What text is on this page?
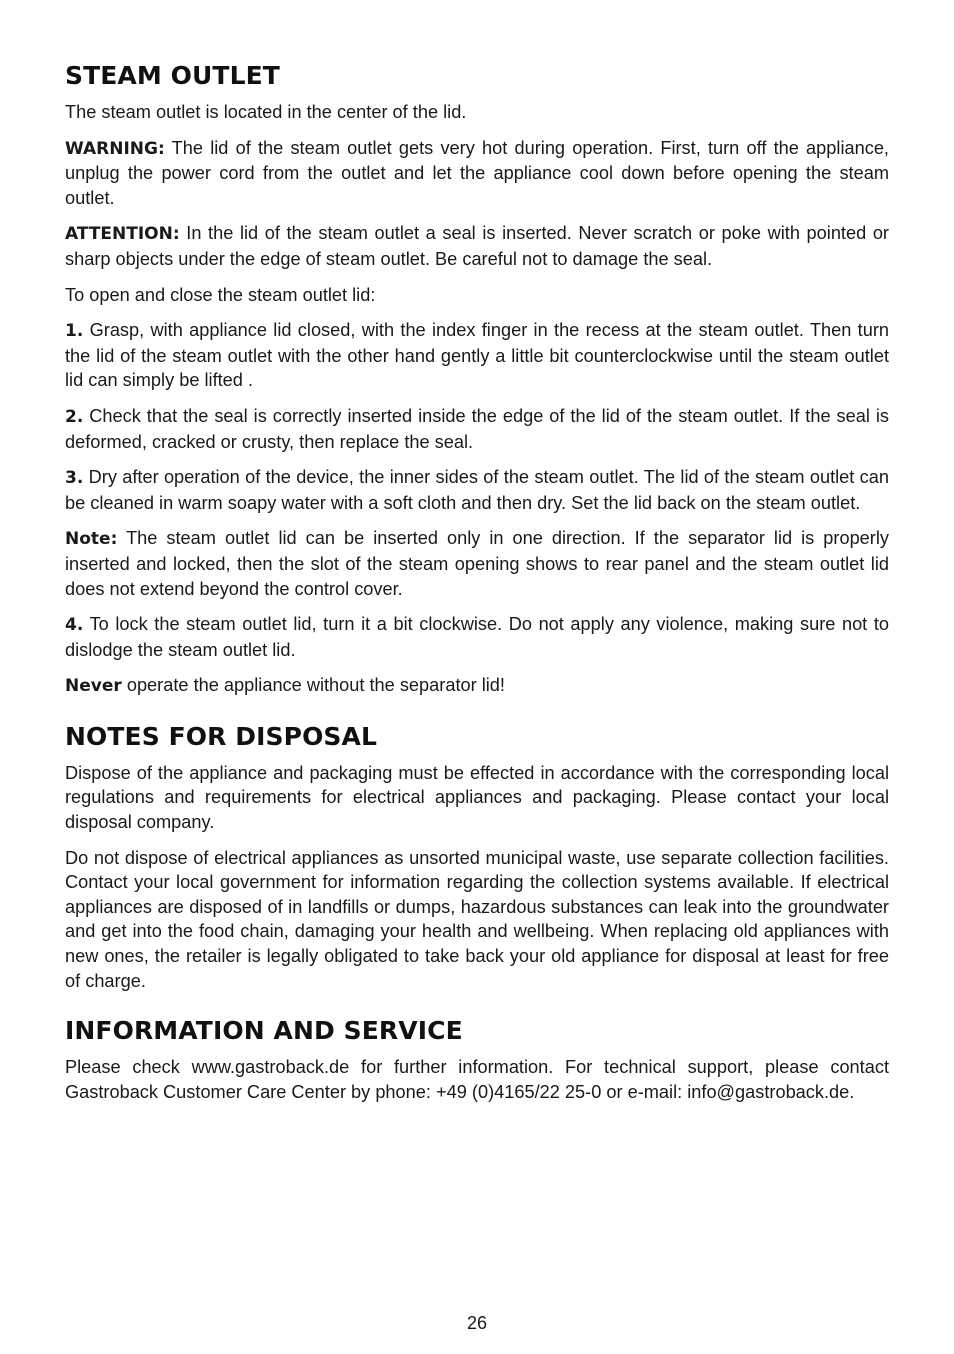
STEAM OUTLET

The steam outlet is located in the center of the lid.

WARNING: The lid of the steam outlet gets very hot during operation. First, turn off the appliance, unplug the power cord from the outlet and let the appliance cool down before opening the steam outlet.

ATTENTION: In the lid of the steam outlet a seal is inserted. Never scratch or poke with pointed or sharp objects under the edge of steam outlet. Be careful not to damage the seal.

To open and close the steam outlet lid:

1. Grasp, with appliance lid closed, with the index finger in the recess at the steam outlet. Then turn the lid of the steam outlet with the other hand gently a little bit counterclockwise until the steam outlet lid can simply be lifted .

2. Check that the seal is correctly inserted inside the edge of the lid of the steam outlet. If the seal is deformed, cracked or crusty, then replace the seal.

3. Dry after operation of the device, the inner sides of the steam outlet. The lid of the steam outlet can be cleaned in warm soapy water with a soft cloth and then dry. Set the lid back on the steam outlet.

Note: The steam outlet lid can be inserted only in one direction. If the separator lid is properly inserted and locked, then the slot of the steam opening shows to rear panel and the steam outlet lid does not extend beyond the control cover.

4. To lock the steam outlet lid, turn it a bit clockwise. Do not apply any violence, making sure not to dislodge the steam outlet lid.

Never operate the appliance without the separator lid!

NOTES FOR DISPOSAL

Dispose of the appliance and packaging must be effected in accordance with the corresponding local regulations and requirements for electrical appliances and packaging. Please contact your local disposal company.

Do not dispose of electrical appliances as unsorted municipal waste, use separate collection facilities. Contact your local government for information regarding the collection systems available. If electrical appliances are disposed of in landfills or dumps, hazardous substances can leak into the groundwater and get into the food chain, damaging your health and wellbeing. When replacing old appliances with new ones, the retailer is legally obligated to take back your old appliance for disposal at least for free of charge.

INFORMATION AND SERVICE

Please check www.gastroback.de for further information. For technical support, please contact Gastroback Customer Care Center by phone: +49 (0)4165/22 25-0 or e-mail: info@gastroback.de.

26
